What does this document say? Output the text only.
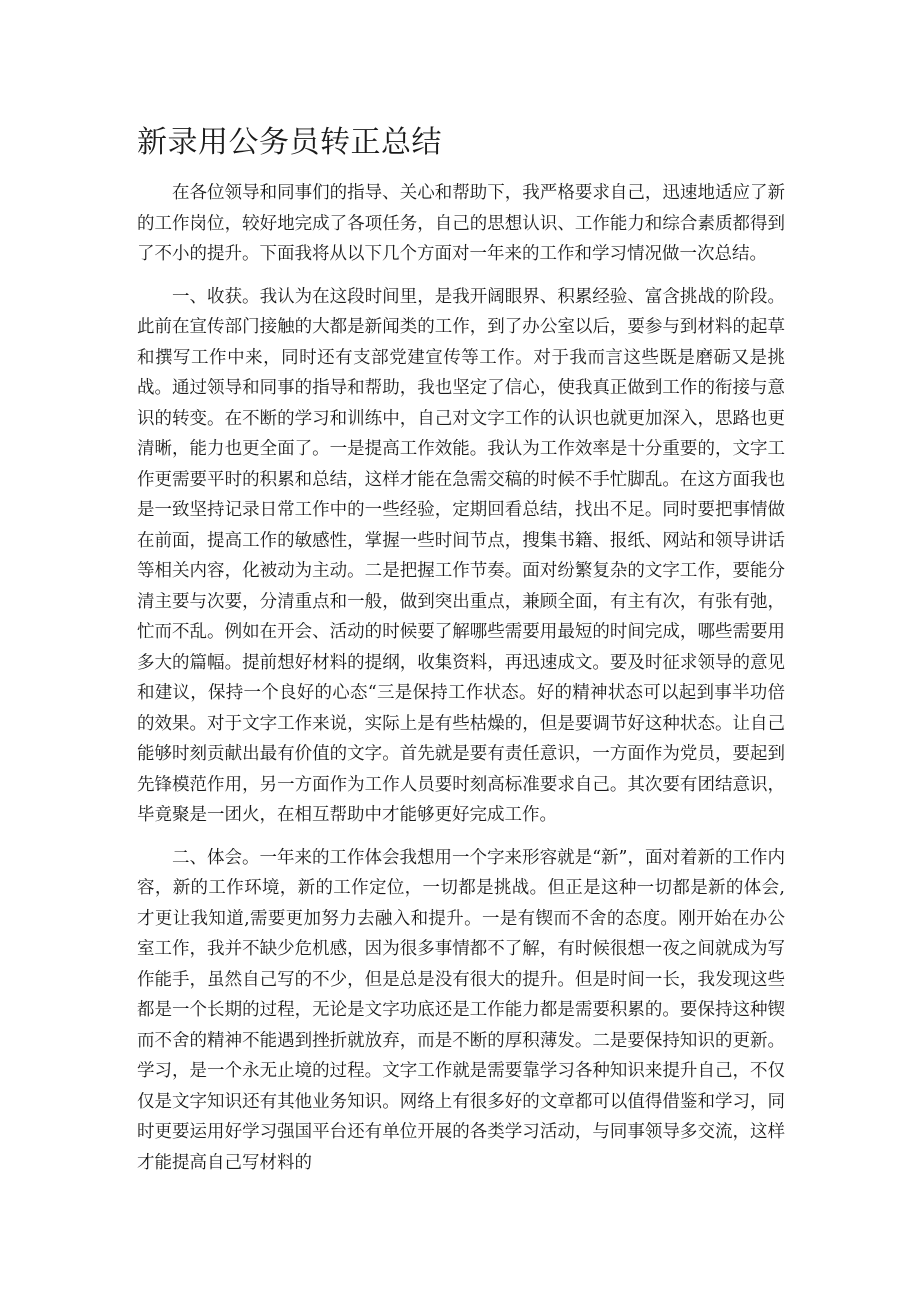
新录用公务员转正总结

在各位领导和同事们的指导、关心和帮助下，我严格要求自己，迅速地适应了新的工作岗位，较好地完成了各项任务，自己的思想认识、工作能力和综合素质都得到了不小的提升。下面我将从以下几个方面对一年来的工作和学习情况做一次总结。

一、收获。我认为在这段时间里，是我开阔眼界、积累经验、富含挑战的阶段。此前在宣传部门接触的大都是新闻类的工作，到了办公室以后，要参与到材料的起草和撰写工作中来，同时还有支部党建宣传等工作。对于我而言这些既是磨砺又是挑战。通过领导和同事的指导和帮助，我也坚定了信心，使我真正做到工作的衔接与意识的转变。在不断的学习和训练中，自己对文字工作的认识也就更加深入，思路也更清晰，能力也更全面了。一是提高工作效能。我认为工作效率是十分重要的，文字工作更需要平时的积累和总结，这样才能在急需交稿的时候不手忙脚乱。在这方面我也是一致坚持记录日常工作中的一些经验，定期回看总结，找出不足。同时要把事情做在前面，提高工作的敏感性，掌握一些时间节点，搜集书籍、报纸、网站和领导讲话等相关内容，化被动为主动。二是把握工作节奏。面对纷繁复杂的文字工作，要能分清主要与次要，分清重点和一般，做到突出重点，兼顾全面，有主有次，有张有弛，忙而不乱。例如在开会、活动的时候要了解哪些需要用最短的时间完成，哪些需要用多大的篇幅。提前想好材料的提纲，收集资料，再迅速成文。要及时征求领导的意见和建议，保持一个良好的心态“三是保持工作状态。好的精神状态可以起到事半功倍的效果。对于文字工作来说，实际上是有些枯燥的，但是要调节好这种状态。让自己能够时刻贡献出最有价值的文字。首先就是要有责任意识，一方面作为党员，要起到先锋模范作用，另一方面作为工作人员要时刻高标准要求自己。其次要有团结意识，毕竟聚是一团火，在相互帮助中才能够更好完成工作。

二、体会。一年来的工作体会我想用一个字来形容就是“新”，面对着新的工作内容，新的工作环境，新的工作定位，一切都是挑战。但正是这种一切都是新的体会,才更让我知道,需要更加努力去融入和提升。一是有锲而不舍的态度。刚开始在办公室工作，我并不缺少危机感，因为很多事情都不了解，有时候很想一夜之间就成为写作能手，虽然自己写的不少，但是总是没有很大的提升。但是时间一长，我发现这些都是一个长期的过程，无论是文字功底还是工作能力都是需要积累的。要保持这种锲而不舍的精神不能遇到挫折就放弃，而是不断的厚积薄发。二是要保持知识的更新。学习，是一个永无止境的过程。文字工作就是需要靠学习各种知识来提升自己，不仅仅是文字知识还有其他业务知识。网络上有很多好的文章都可以值得借鉴和学习，同时更要运用好学习强国平台还有单位开展的各类学习活动，与同事领导多交流，这样才能提高自己写材料的
